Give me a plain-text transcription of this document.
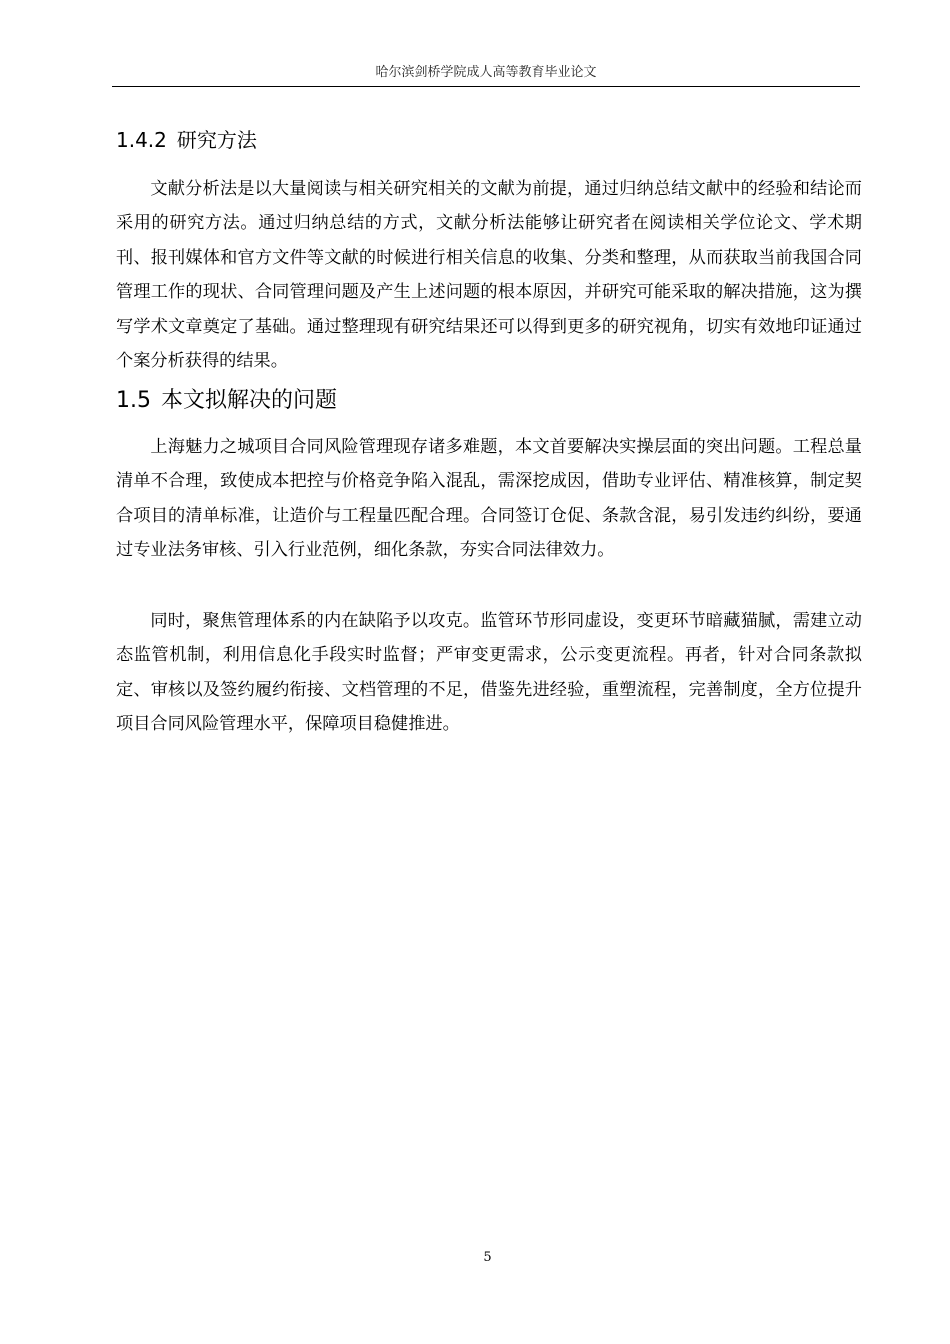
哈尔滨剑桥学院成人高等教育毕业论文
1.4.2 研究方法

文献分析法是以大量阅读与相关研究相关的文献为前提，通过归纳总结文献中的经验和结论而采用的研究方法。通过归纳总结的方式，文献分析法能够让研究者在阅读相关学位论文、学术期刊、报刊媒体和官方文件等文献的时候进行相关信息的收集、分类和整理，从而获取当前我国合同管理工作的现状、合同管理问题及产生上述问题的根本原因，并研究可能采取的解决措施，这为撰写学术文章奠定了基础。通过整理现有研究结果还可以得到更多的研究视角，切实有效地印证通过个案分析获得的结果。

1.5 本文拟解决的问题

上海魅力之城项目合同风险管理现存诸多难题，本文首要解决实操层面的突出问题。工程总量清单不合理，致使成本把控与价格竞争陷入混乱，需深挖成因，借助专业评估、精准核算，制定契合项目的清单标准，让造价与工程量匹配合理。合同签订仓促、条款含混，易引发违约纠纷，要通过专业法务审核、引入行业范例，细化条款，夯实合同法律效力。

同时，聚焦管理体系的内在缺陷予以攻克。监管环节形同虚设，变更环节暗藏猫腻，需建立动态监管机制，利用信息化手段实时监督；严审变更需求，公示变更流程。再者，针对合同条款拟定、审核以及签约履约衔接、文档管理的不足，借鉴先进经验，重塑流程，完善制度，全方位提升项目合同风险管理水平，保障项目稳健推进。

5
